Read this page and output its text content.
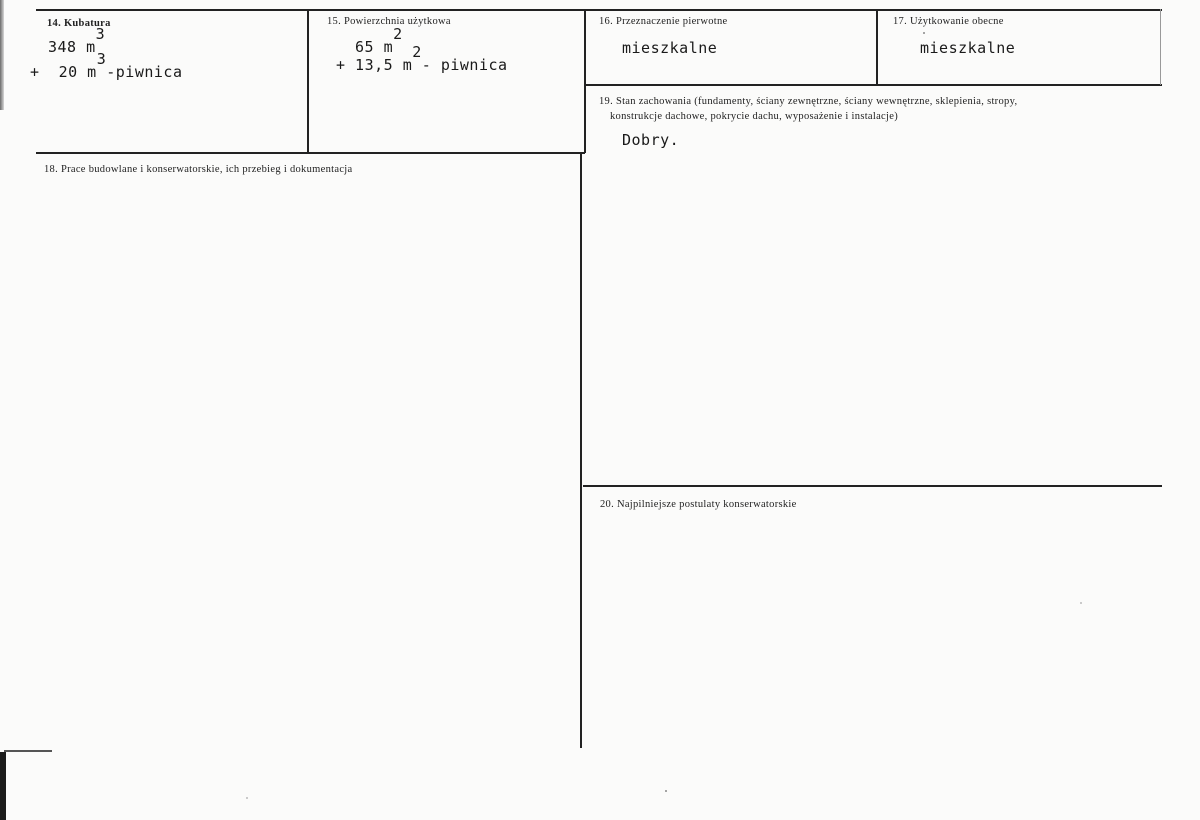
14. Kubatura
348 $m^3$
+  20 $m^3$-piwnica
15. Powierzchnia użytkowa
65 $m^2$
+ 13,5 $m^2-$ piwnica
16. Przeznaczenie pierwotne
mieszkalne
17. Użytkowanie obecne
mieszkalne
18. Prace budowlane i konserwatorskie, ich przebieg i dokumentacja
19. Stan zachowania (fundamenty, ściany zewnętrzne, ściany wewnętrzne, sklepienia, stropy,
konstrukcje dachowe, pokrycie dachu, wyposażenie i instalacje)
Dobry.
20. Najpilniejsze postulaty konserwatorskie
